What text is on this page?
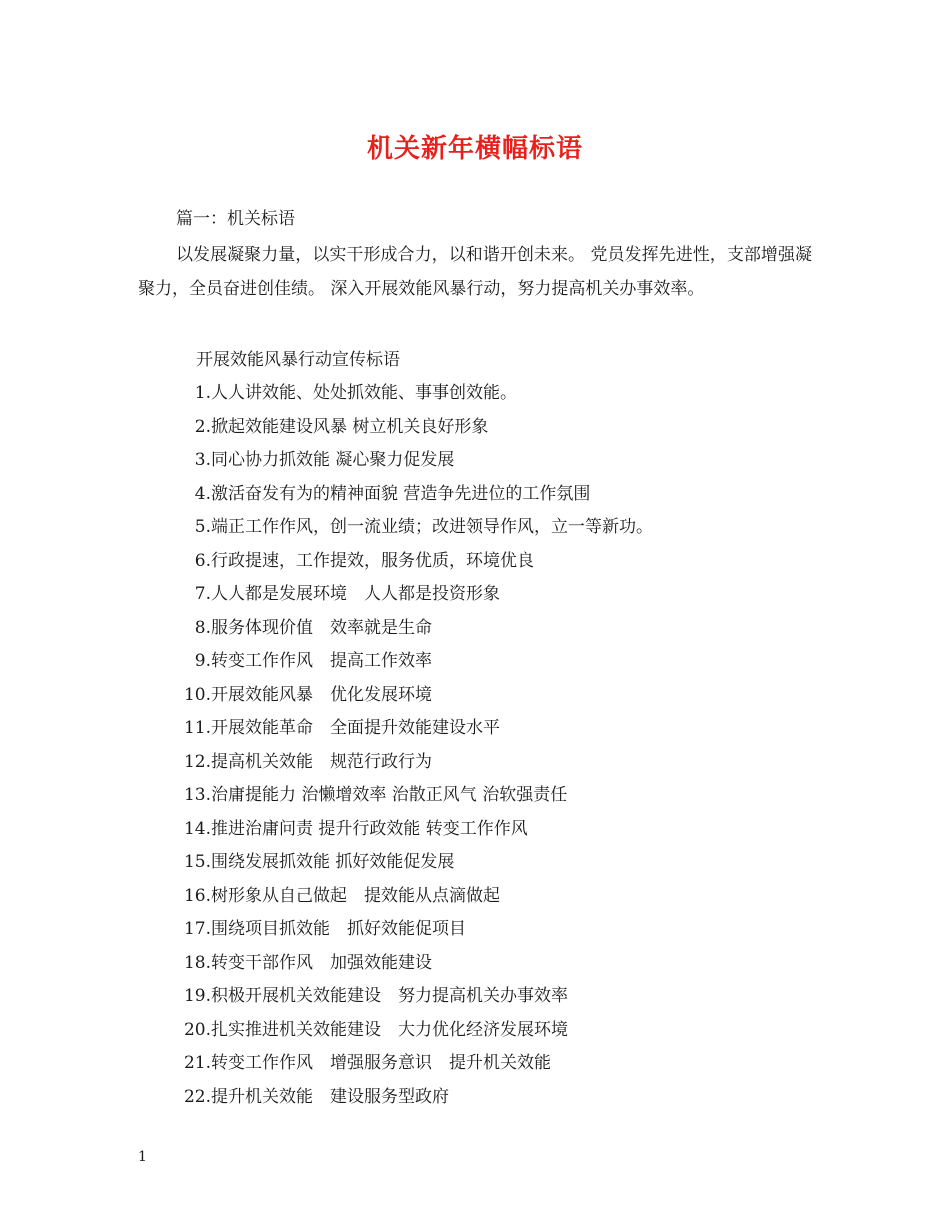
机关新年横幅标语

篇一：机关标语

以发展凝聚力量，以实干形成合力，以和谐开创未来。 党员发挥先进性，支部增强凝聚力，全员奋进创佳绩。 深入开展效能风暴行动，努力提高机关办事效率。

开展效能风暴行动宣传标语

1. 人人讲效能、处处抓效能、事事创效能。
2. 掀起效能建设风暴 树立机关良好形象
3. 同心协力抓效能 凝心聚力促发展
4. 激活奋发有为的精神面貌 营造争先进位的工作氛围
5. 端正工作作风，创一流业绩；改进领导作风，立一等新功。
6. 行政提速，工作提效，服务优质，环境优良
7. 人人都是发展环境　人人都是投资形象
8. 服务体现价值　效率就是生命
9. 转变工作作风　提高工作效率
10. 开展效能风暴　优化发展环境
11. 开展效能革命　全面提升效能建设水平
12. 提高机关效能　规范行政行为
13. 治庸提能力 治懒增效率 治散正风气 治软强责任
14. 推进治庸问责 提升行政效能 转变工作作风
15. 围绕发展抓效能 抓好效能促发展
16. 树形象从自己做起　提效能从点滴做起
17. 围绕项目抓效能　抓好效能促项目
18. 转变干部作风　加强效能建设
19. 积极开展机关效能建设　努力提高机关办事效率
20. 扎实推进机关效能建设　大力优化经济发展环境
21. 转变工作作风　增强服务意识　提升机关效能
22. 提升机关效能　建设服务型政府

1
